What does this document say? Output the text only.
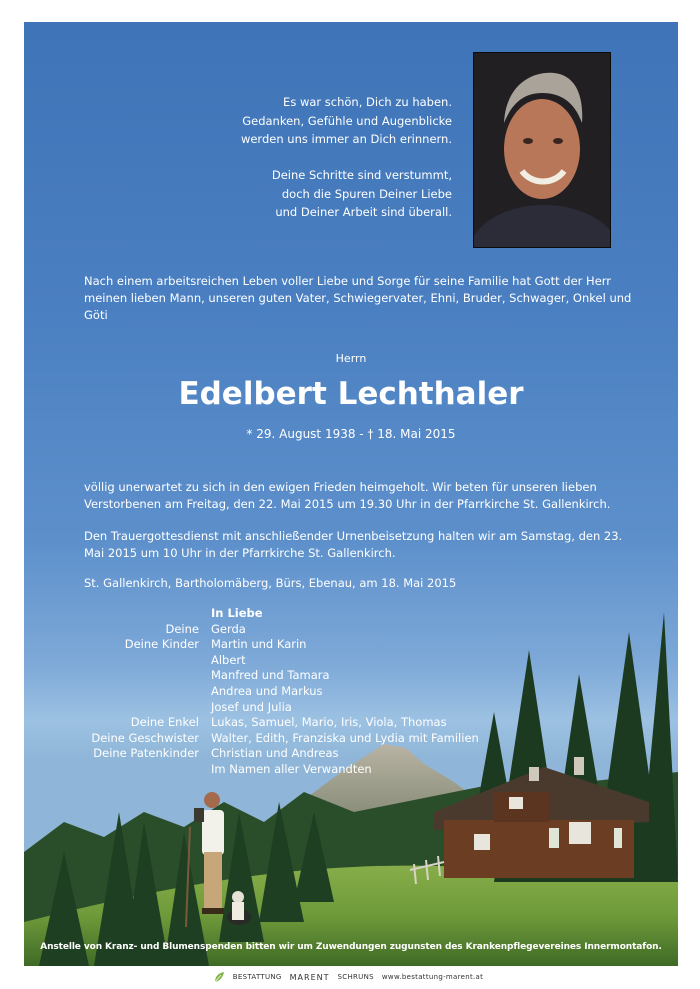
Es war schön, Dich zu haben.
Gedanken, Gefühle und Augenblicke
werden uns immer an Dich erinnern.
Deine Schritte sind verstummt,
doch die Spuren Deiner Liebe
und Deiner Arbeit sind überall.
Nach einem arbeitsreichen Leben voller Liebe und Sorge für seine Familie hat Gott der Herr meinen lieben Mann, unseren guten Vater, Schwiegervater, Ehni, Bruder, Schwager, Onkel und Göti
Herrn
Edelbert Lechthaler
* 29. August 1938 - † 18. Mai 2015
völlig unerwartet zu sich in den ewigen Frieden heimgeholt. Wir beten für unseren lieben Verstorbenen am Freitag, den 22. Mai 2015 um 19.30 Uhr in der Pfarrkirche St. Gallenkirch.
Den Trauergottesdienst mit anschließender Urnenbeisetzung halten wir am Samstag, den 23. Mai 2015 um 10 Uhr in der Pfarrkirche St. Gallenkirch.
St. Gallenkirch, Bartholomäberg, Bürs, Ebenau, am 18. Mai 2015
In Liebe
Deine	Gerda
Deine Kinder	Martin und Karin
Albert
Manfred und Tamara
Andrea und Markus
Josef und Julia
Deine Enkel	Lukas, Samuel, Mario, Iris, Viola, Thomas
Deine Geschwister	Walter, Edith, Franziska und Lydia mit Familien
Deine Patenkinder	Christian und Andreas
Im Namen aller Verwandten
Anstelle von Kranz- und Blumenspenden bitten wir um Zuwendungen zugunsten des Krankenpflegevereines Innermontafon.
BESTATTUNG MARENT SCHRUNS www.bestattung-marent.at
